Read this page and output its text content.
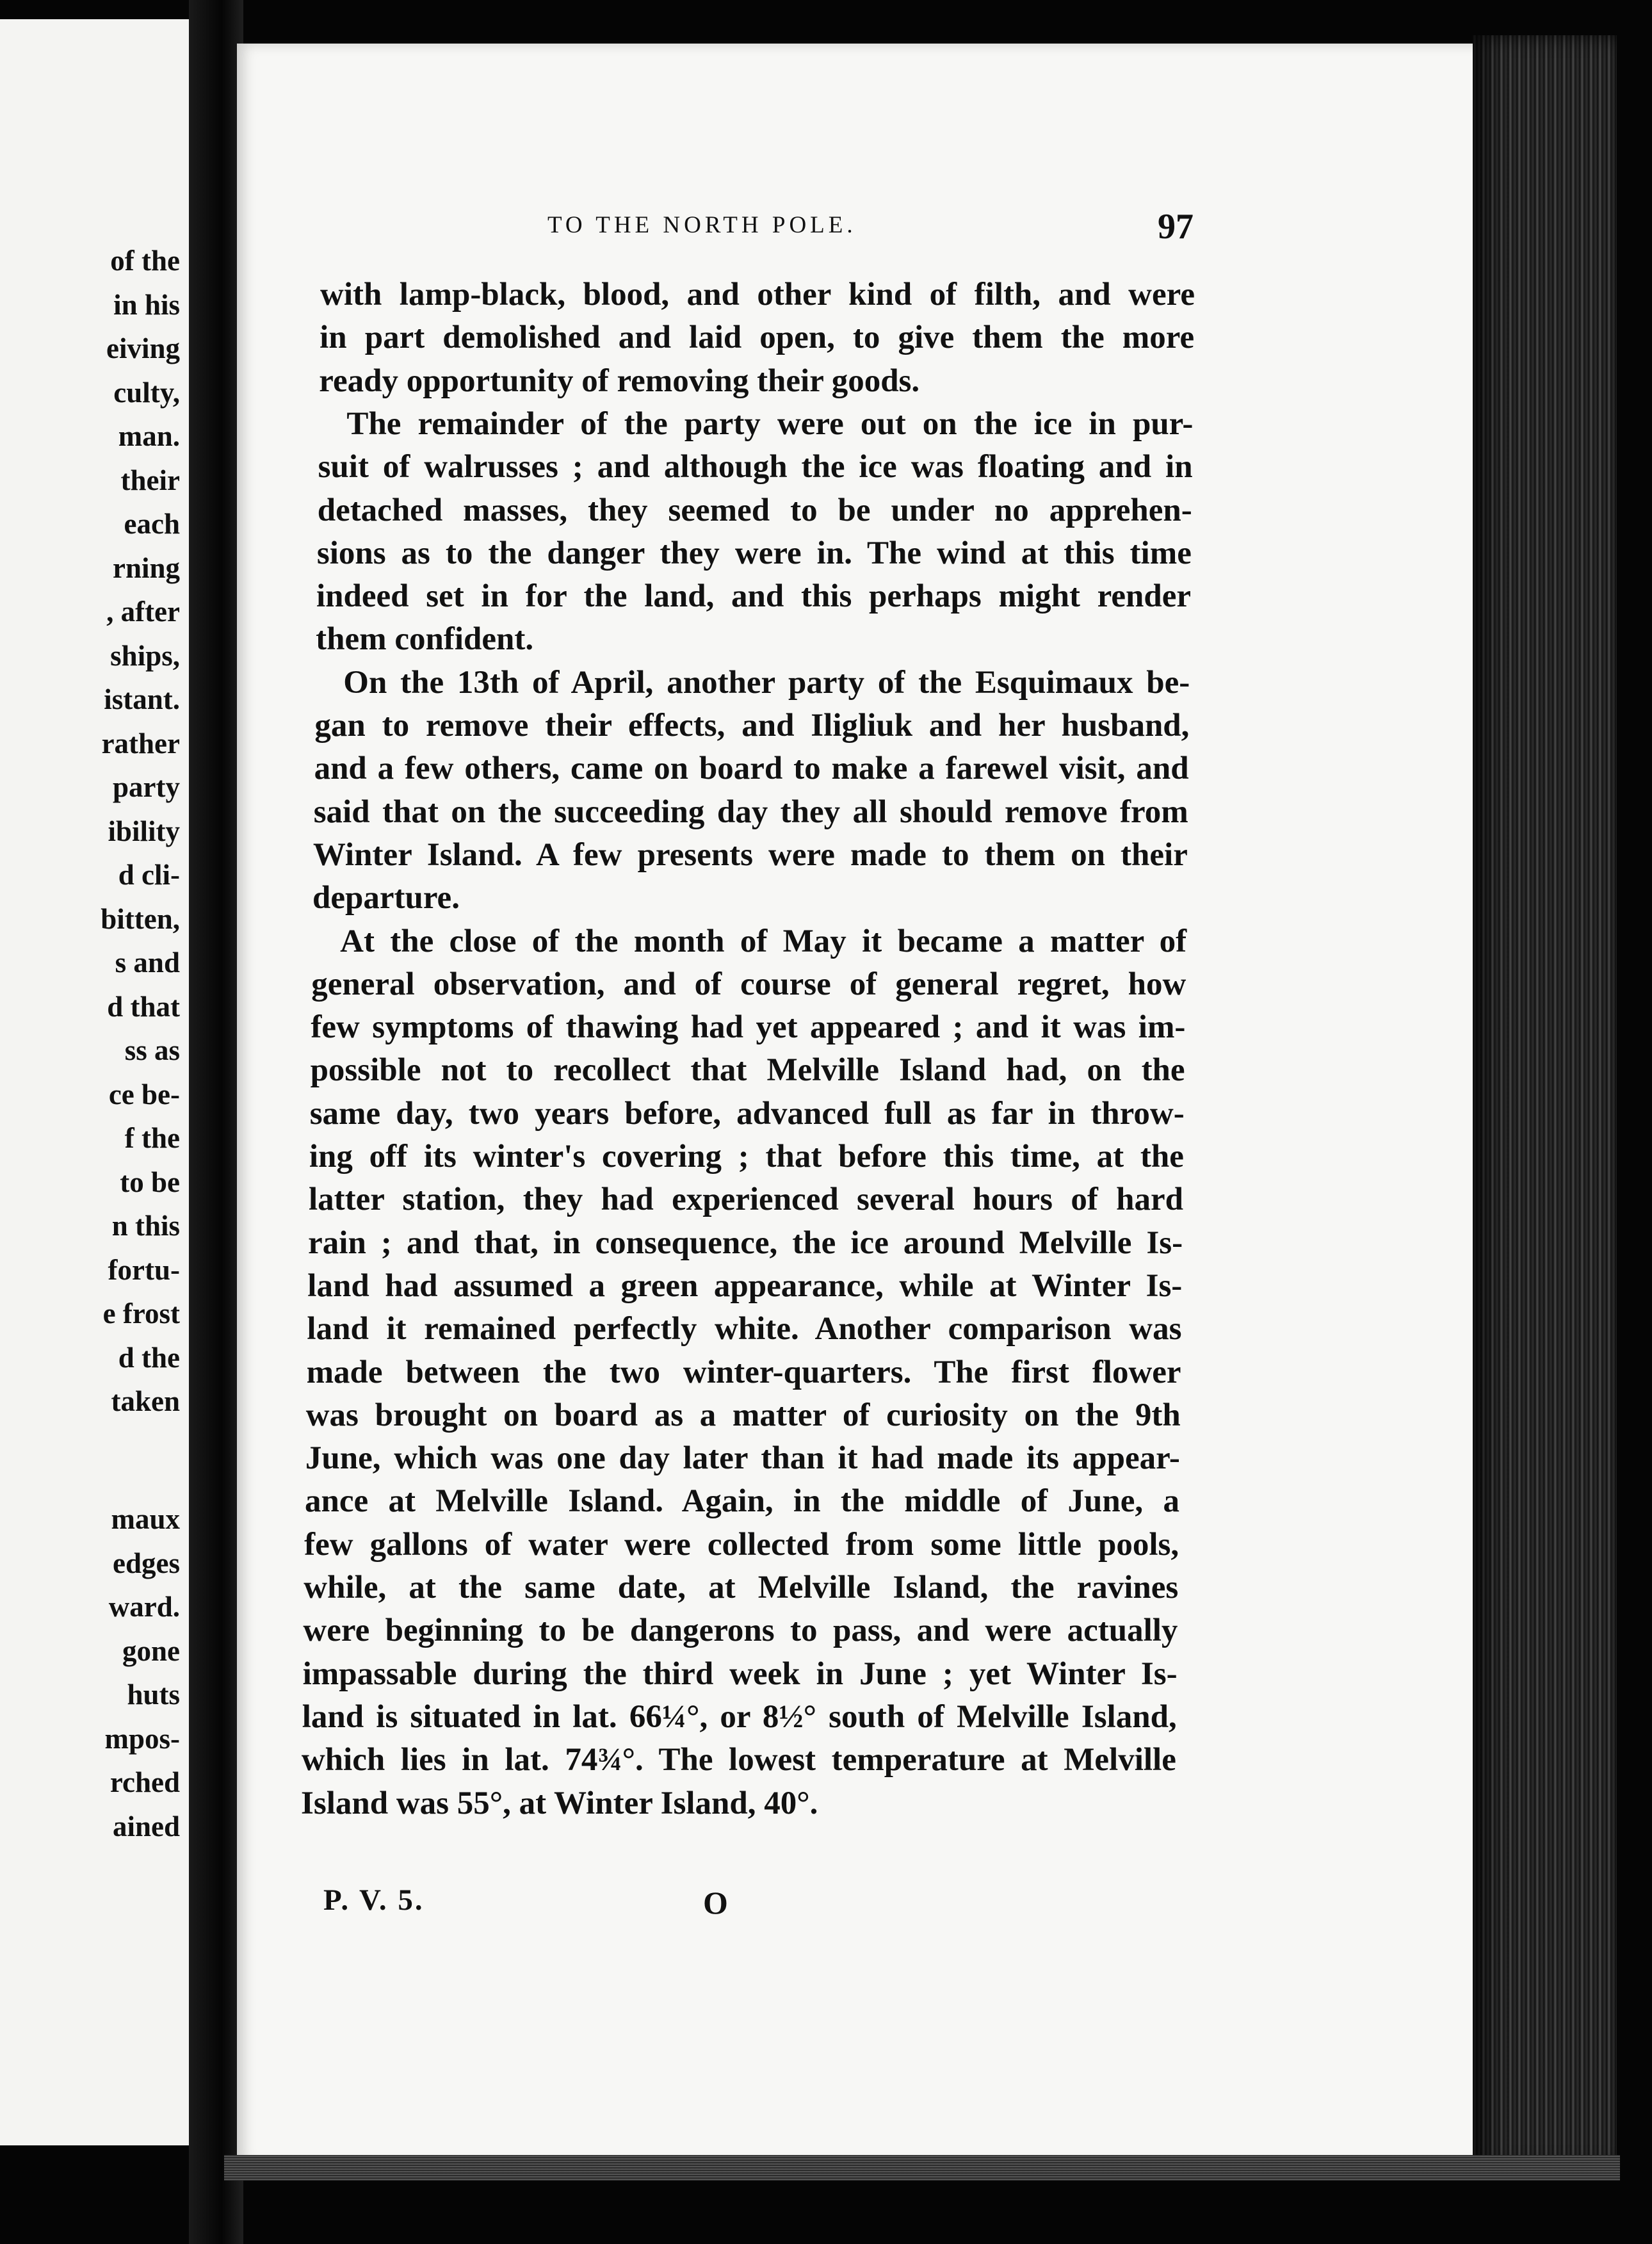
of the
in his
eiving
culty,
man.
their
each
rning
, after
ships,
istant.
rather
party
ibility
d cli-
bitten,
s and
d that
ss as
ce be-
f the
to be
n this
fortu-
e frost
d the
taken
maux
edges
ward.
gone
huts
mpos-
rched
ained
TO THE NORTH POLE.	97
with lamp-black, blood, and other kind of filth, and were
in part demolished and laid open, to give them the more
ready opportunity of removing their goods.
The remainder of the party were out on the ice in pur-
suit of walrusses ; and although the ice was floating and in
detached masses, they seemed to be under no apprehen-
sions as to the danger they were in. The wind at this time
indeed set in for the land, and this perhaps might render
them confident.
On the 13th of April, another party of the Esquimaux be-
gan to remove their effects, and Iligliuk and her husband,
and a few others, came on board to make a farewel visit, and
said that on the succeeding day they all should remove from
Winter Island. A few presents were made to them on their
departure.
At the close of the month of May it became a matter of
general observation, and of course of general regret, how
few symptoms of thawing had yet appeared ; and it was im-
possible not to recollect that Melville Island had, on the
same day, two years before, advanced full as far in throw-
ing off its winter's covering ; that before this time, at the
latter station, they had experienced several hours of hard
rain ; and that, in consequence, the ice around Melville Is-
land had assumed a green appearance, while at Winter Is-
land it remained perfectly white. Another comparison was
made between the two winter-quarters. The first flower
was brought on board as a matter of curiosity on the 9th
June, which was one day later than it had made its appear-
ance at Melville Island. Again, in the middle of June, a
few gallons of water were collected from some little pools,
while, at the same date, at Melville Island, the ravines
were beginning to be dangerons to pass, and were actually
impassable during the third week in June ; yet Winter Is-
land is situated in lat. 66¼°, or 8½° south of Melville Island,
which lies in lat. 74¾°. The lowest temperature at Melville
Island was 55°, at Winter Island, 40°.
P. V. 5.	O
